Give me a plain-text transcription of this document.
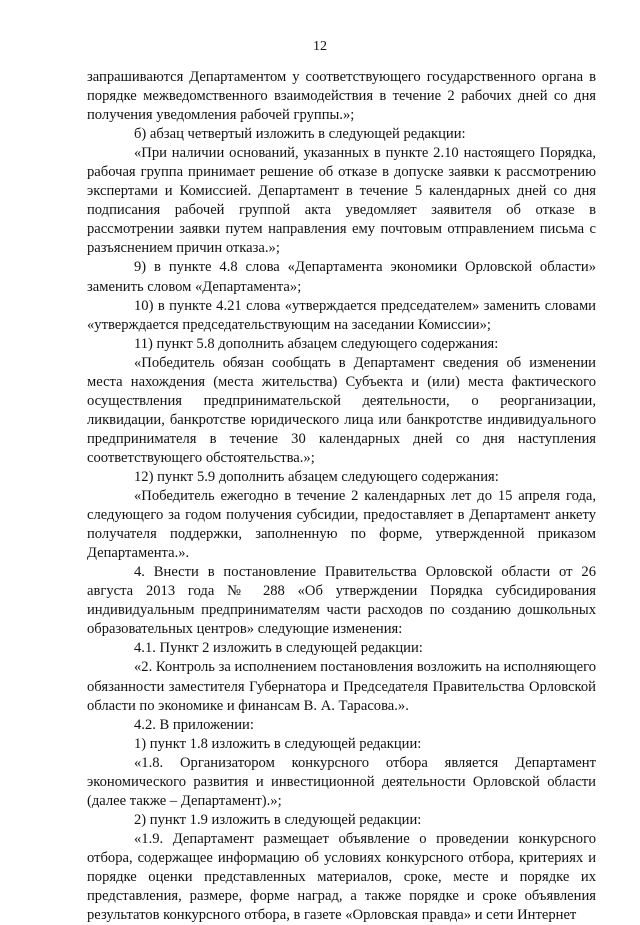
12

запрашиваются Департаментом у соответствующего государственного органа в порядке межведомственного взаимодействия в течение 2 рабочих дней со дня получения уведомления рабочей группы.»;

б) абзац четвертый изложить в следующей редакции:

«При наличии оснований, указанных в пункте 2.10 настоящего Порядка, рабочая группа принимает решение об отказе в допуске заявки к рассмотрению экспертами и Комиссией. Департамент в течение 5 календарных дней со дня подписания рабочей группой акта уведомляет заявителя об отказе в рассмотрении заявки путем направления ему почтовым отправлением письма с разъяснением причин отказа.»;

9) в пункте 4.8 слова «Департамента экономики Орловской области» заменить словом «Департамента»;

10) в пункте 4.21 слова «утверждается председателем» заменить словами «утверждается председательствующим на заседании Комиссии»;

11) пункт 5.8 дополнить абзацем следующего содержания:

«Победитель обязан сообщать в Департамент сведения об изменении места нахождения (места жительства) Субъекта и (или) места фактического осуществления предпринимательской деятельности, о реорганизации, ликвидации, банкротстве юридического лица или банкротстве индивидуального предпринимателя в течение 30 календарных дней со дня наступления соответствующего обстоятельства.»;

12) пункт 5.9 дополнить абзацем следующего содержания:

«Победитель ежегодно в течение 2 календарных лет до 15 апреля года, следующего за годом получения субсидии, предоставляет в Департамент анкету получателя поддержки, заполненную по форме, утвержденной приказом Департамента.».

4. Внести в постановление Правительства Орловской области от 26 августа 2013 года № 288 «Об утверждении Порядка субсидирования индивидуальным предпринимателям части расходов по созданию дошкольных образовательных центров» следующие изменения:

4.1. Пункт 2 изложить в следующей редакции:

«2. Контроль за исполнением постановления возложить на исполняющего обязанности заместителя Губернатора и Председателя Правительства Орловской области по экономике и финансам В. А. Тарасова.».

4.2. В приложении:

1) пункт 1.8 изложить в следующей редакции:

«1.8. Организатором конкурсного отбора является Департамент экономического развития и инвестиционной деятельности Орловской области (далее также – Департамент).»;

2) пункт 1.9 изложить в следующей редакции:

«1.9. Департамент размещает объявление о проведении конкурсного отбора, содержащее информацию об условиях конкурсного отбора, критериях и порядке оценки представленных материалов, сроке, месте и порядке их представления, размере, форме наград, а также порядке и сроке объявления результатов конкурсного отбора, в газете «Орловская правда» и сети Интернет
